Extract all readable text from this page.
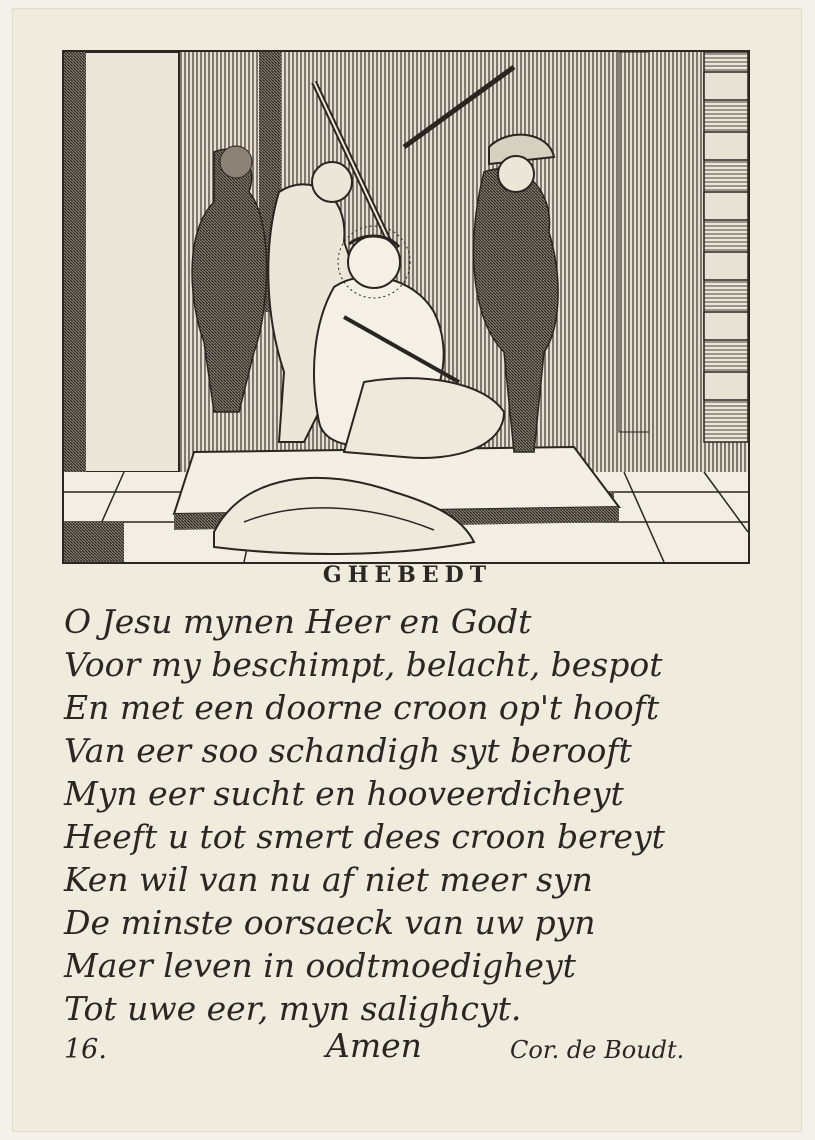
GHEBEDT
O Jesu mynen Heer en Godt
Voor my beschimpt, belacht, bespot
En met een doorne croon op't hooft
Van eer soo schandigh syt berooft
Myn eer sucht en hooveerdicheyt
Heeft u tot smert dees croon bereyt
Ken wil van nu af niet meer syn
De minste oorsaeck van uw pyn
Maer leven in oodtmoedigheyt
Tot uwe eer, myn salighcyt.
16.	Amen	Cor. de Boudt.
